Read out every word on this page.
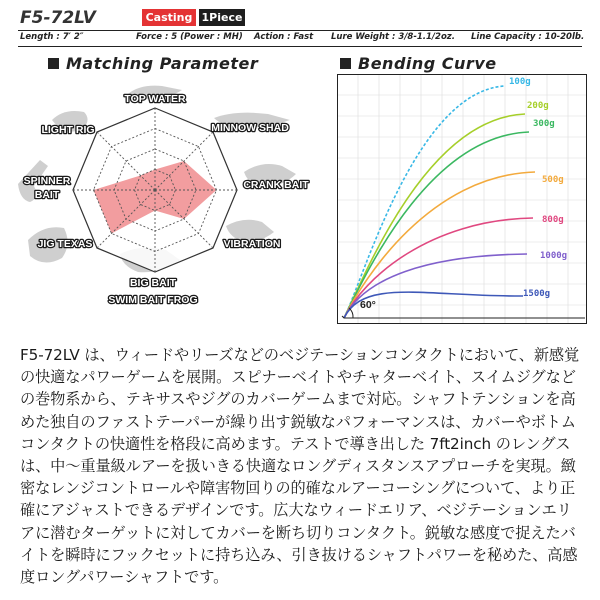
F5-72LV	Casting 1Piece
Length : 7′ 2″	Force : 5 (Power : MH) Action : Fast Lure Weight : 3/8-1.1/2oz. Line Capacity : 10-20lb.
Matching Parameter	Bending Curve
TOP WATER
MINNOW SHAD
CRANK BAIT
VIBRATION
BIG BAIT
SWIM BAIT FROG
JIG TEXAS
SPINNER
BAIT
LIGHT RIG
60°
100g
200g
300g
500g
800g
1000g
1500g
F5-72LV は、ウィードやリーズなどのベジテーションコンタクトにおいて、新感覚の快適なパワーゲームを展開。スピナーベイトやチャターベイト、スイムジグなどの巻物系から、テキサスやジグのカバーゲームまで対応。シャフトテンションを高めた独自のファストテーパーが繰り出す鋭敏なパフォーマンスは、カバーやボトムコンタクトの快適性を格段に高めます。テストで導き出した 7ft2inch のレングスは、中～重量級ルアーを扱いきる快適なロングディスタンスアプローチを実現。緻密なレンジコントロールや障害物回りの的確なルアーコーシングについて、より正確にアジャストできるデザインです。広大なウィードエリア、ベジテーションエリアに潜むターゲットに対してカバーを断ち切りコンタクト。鋭敏な感度で捉えたバイトを瞬時にフックセットに持ち込み、引き抜けるシャフトパワーを秘めた、高感度ロングパワーシャフトです。
